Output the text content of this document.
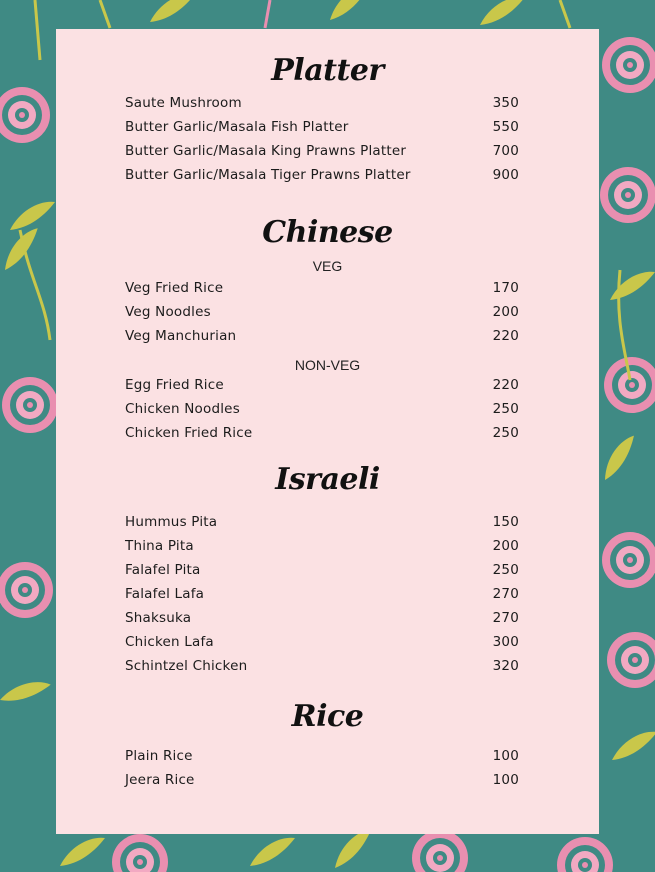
Platter
Saute Mushroom	350
Butter Garlic/Masala Fish Platter	550
Butter Garlic/Masala King Prawns Platter	700
Butter Garlic/Masala Tiger Prawns Platter	900
Chinese
VEG
Veg Fried Rice	170
Veg Noodles	200
Veg Manchurian	220
NON-VEG
Egg Fried Rice	220
Chicken Noodles	250
Chicken Fried Rice	250
Israeli
Hummus Pita	150
Thina Pita	200
Falafel Pita	250
Falafel Lafa	270
Shaksuka	270
Chicken Lafa	300
Schintzel Chicken	320
Rice
Plain Rice	100
Jeera Rice	100
